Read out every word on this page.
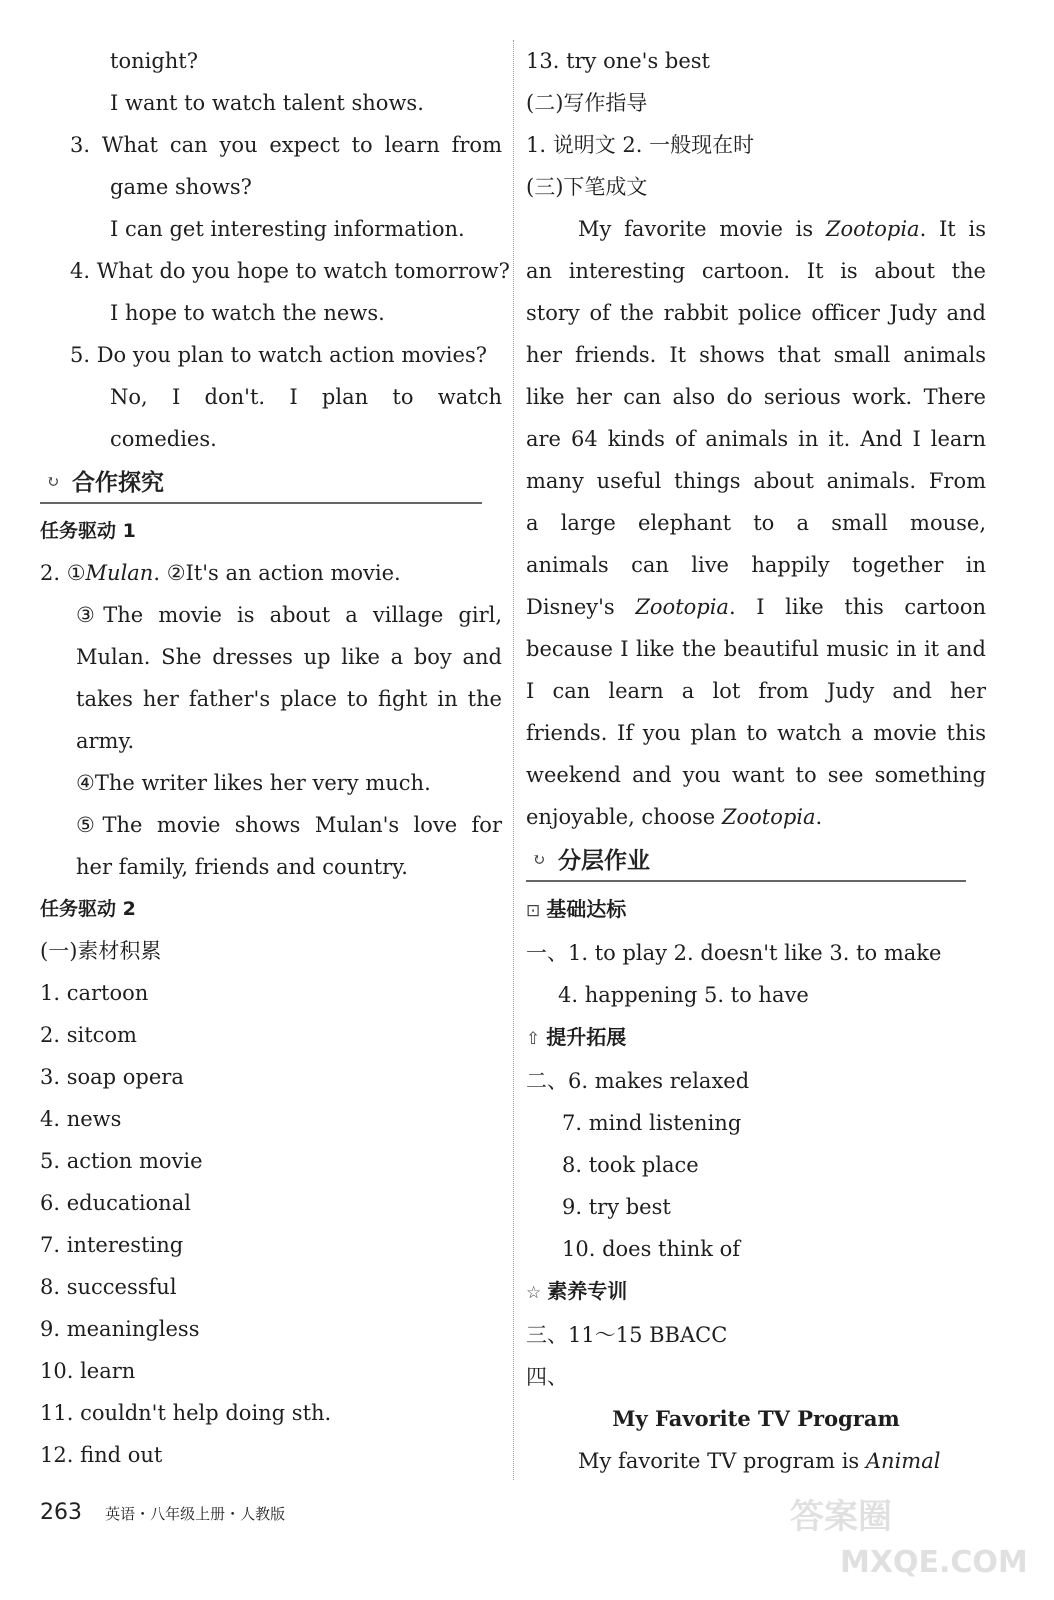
tonight?
I want to watch talent shows.
3. What can you expect to learn from
game shows?
I can get interesting information.
4. What do you hope to watch tomorrow?
I hope to watch the news.
5. Do you plan to watch action movies?
No, I don't. I plan to watch
comedies.
↻ 合作探究
任务驱动 1
2. ①Mulan. ②It's an action movie.
③The movie is about a village girl,
Mulan. She dresses up like a boy and
takes her father's place to fight in the
army.
④The writer likes her very much.
⑤The movie shows Mulan's love for
her family, friends and country.
任务驱动 2
(一)素材积累
1. cartoon
2. sitcom
3. soap opera
4. news
5. action movie
6. educational
7. interesting
8. successful
9. meaningless
10. learn
11. couldn't help doing sth.
12. find out
13. try one's best
(二)写作指导
1. 说明文 2. 一般现在时
(三)下笔成文
My favorite movie is Zootopia. It is
an interesting cartoon. It is about the
story of the rabbit police officer Judy and
her friends. It shows that small animals
like her can also do serious work. There
are 64 kinds of animals in it. And I learn
many useful things about animals. From
a large elephant to a small mouse,
animals can live happily together in
Disney's Zootopia. I like this cartoon
because I like the beautiful music in it and
I can learn a lot from Judy and her
friends. If you plan to watch a movie this
weekend and you want to see something
enjoyable, choose Zootopia.
↻ 分层作业
⊡ 基础达标
一、1. to play 2. doesn't like 3. to make
4. happening 5. to have
⇧ 提升拓展
二、6. makes relaxed
7. mind listening
8. took place
9. try best
10. does think of
☆ 素养专训
三、11～15 BBACC
四、
My Favorite TV Program
My favorite TV program is Animal
263 英语・八年级上册・人教版	答案圈
MXQE.COM
